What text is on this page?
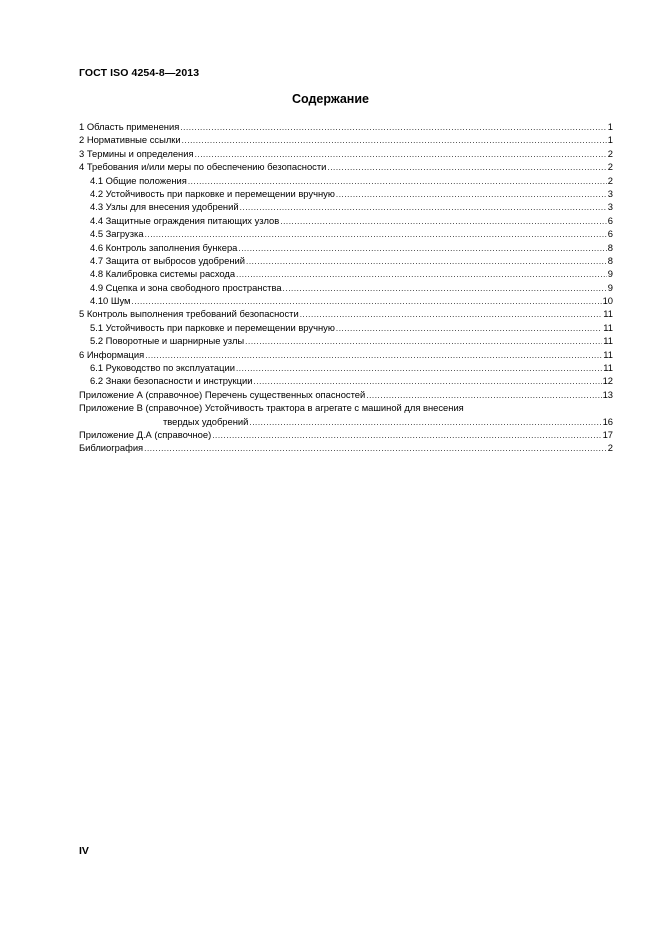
ГОСТ ISO 4254-8—2013
Содержание
1 Область применения .....	1
2 Нормативные ссылки .....	1
3 Термины и определения .....	2
4 Требования и/или меры по обеспечению безопасности .....	2
4.1 Общие положения .....	2
4.2 Устойчивость при парковке и перемещении вручную .....	3
4.3 Узлы для внесения удобрений .....	3
4.4 Защитные ограждения питающих узлов .....	6
4.5 Загрузка .....	6
4.6 Контроль заполнения бункера .....	8
4.7 Защита от выбросов удобрений .....	8
4.8 Калибровка системы расхода .....	9
4.9 Сцепка и зона свободного пространства .....	9
4.10 Шум .....	10
5 Контроль выполнения требований безопасности .....	11
5.1 Устойчивость при парковке и перемещении вручную .....	11
5.2 Поворотные и шарнирные узлы .....	11
6 Информация .....	11
6.1 Руководство по эксплуатации .....	11
6.2 Знаки безопасности и инструкции .....	12
Приложение А (справочное) Перечень существенных опасностей .....	13
Приложение В (справочное) Устойчивость трактора в агрегате с машиной для внесения
твердых удобрений .....	16
Приложение Д.А (справочное) .....	17
Библиография .....	2
IV
